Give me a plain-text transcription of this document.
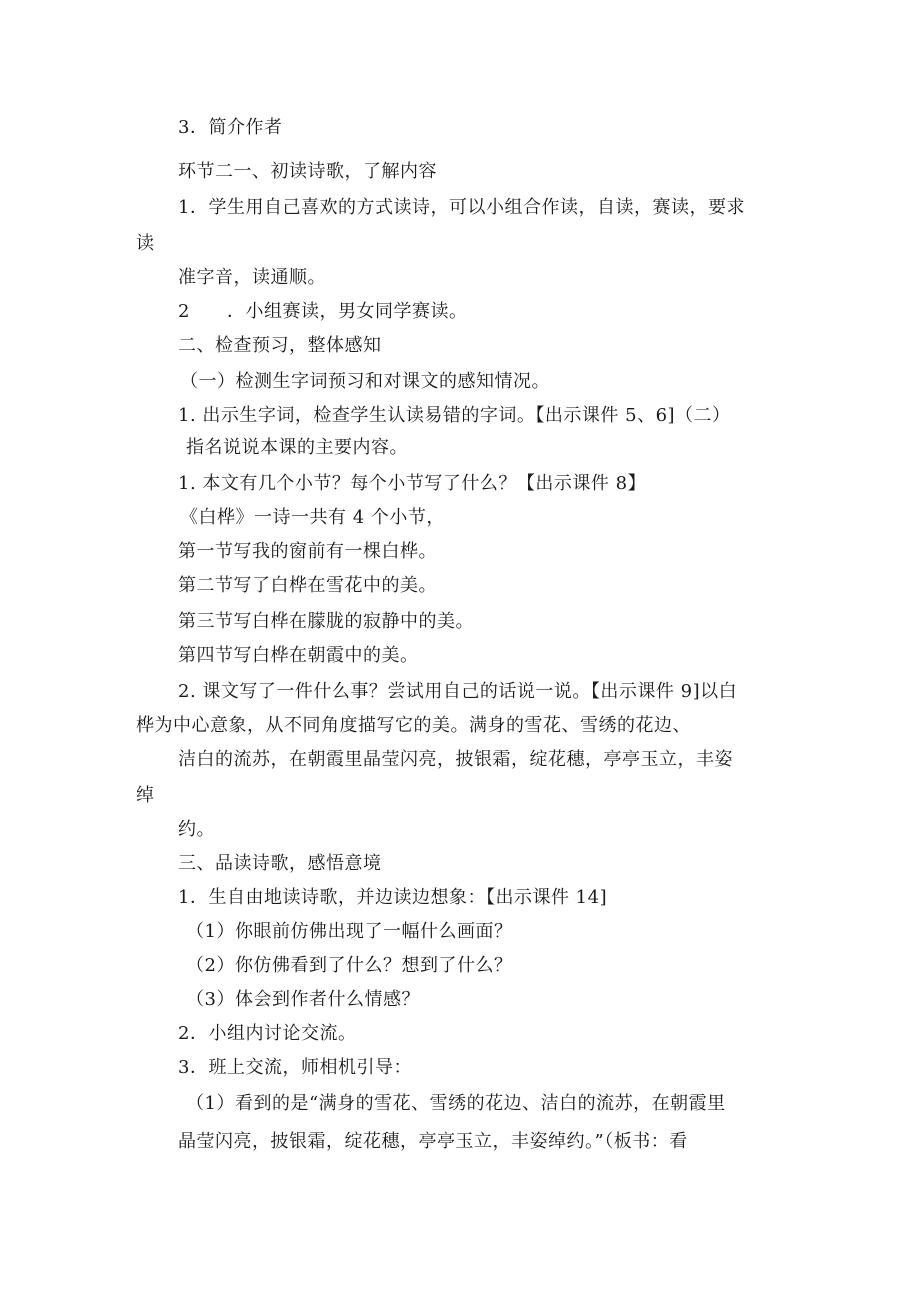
3．简介作者
环节二一、初读诗歌，了解内容
1．学生用自己喜欢的方式读诗，可以小组合作读，自读，赛读，要求
读
准字音，读通顺。
2　　．小组赛读，男女同学赛读。
二、检查预习，整体感知
（一）检测生字词预习和对课文的感知情况。
1. 出示生字词，检查学生认读易错的字词。【出示课件 5、6]（二）
指名说说本课的主要内容。
1. 本文有几个小节？每个小节写了什么？【出示课件 8】
《白桦》一诗一共有 4 个小节，
第一节写我的窗前有一棵白桦。
第二节写了白桦在雪花中的美。
第三节写白桦在朦胧的寂静中的美。
第四节写白桦在朝霞中的美。
2. 课文写了一件什么事？尝试用自己的话说一说。【出示课件 9]以白
桦为中心意象，从不同角度描写它的美。满身的雪花、雪绣的花边、
洁白的流苏，在朝霞里晶莹闪亮，披银霜，绽花穗，亭亭玉立，丰姿
绰
约。
三、品读诗歌，感悟意境
1．生自由地读诗歌，并边读边想象：【出示课件 14]
（1）你眼前仿佛出现了一幅什么画面？
（2）你仿佛看到了什么？想到了什么？
（3）体会到作者什么情感？
2．小组内讨论交流。
3．班上交流，师相机引导：
（1）看到的是“满身的雪花、雪绣的花边、洁白的流苏，在朝霞里
晶莹闪亮，披银霜，绽花穗，亭亭玉立，丰姿绰约。”（板书：看
